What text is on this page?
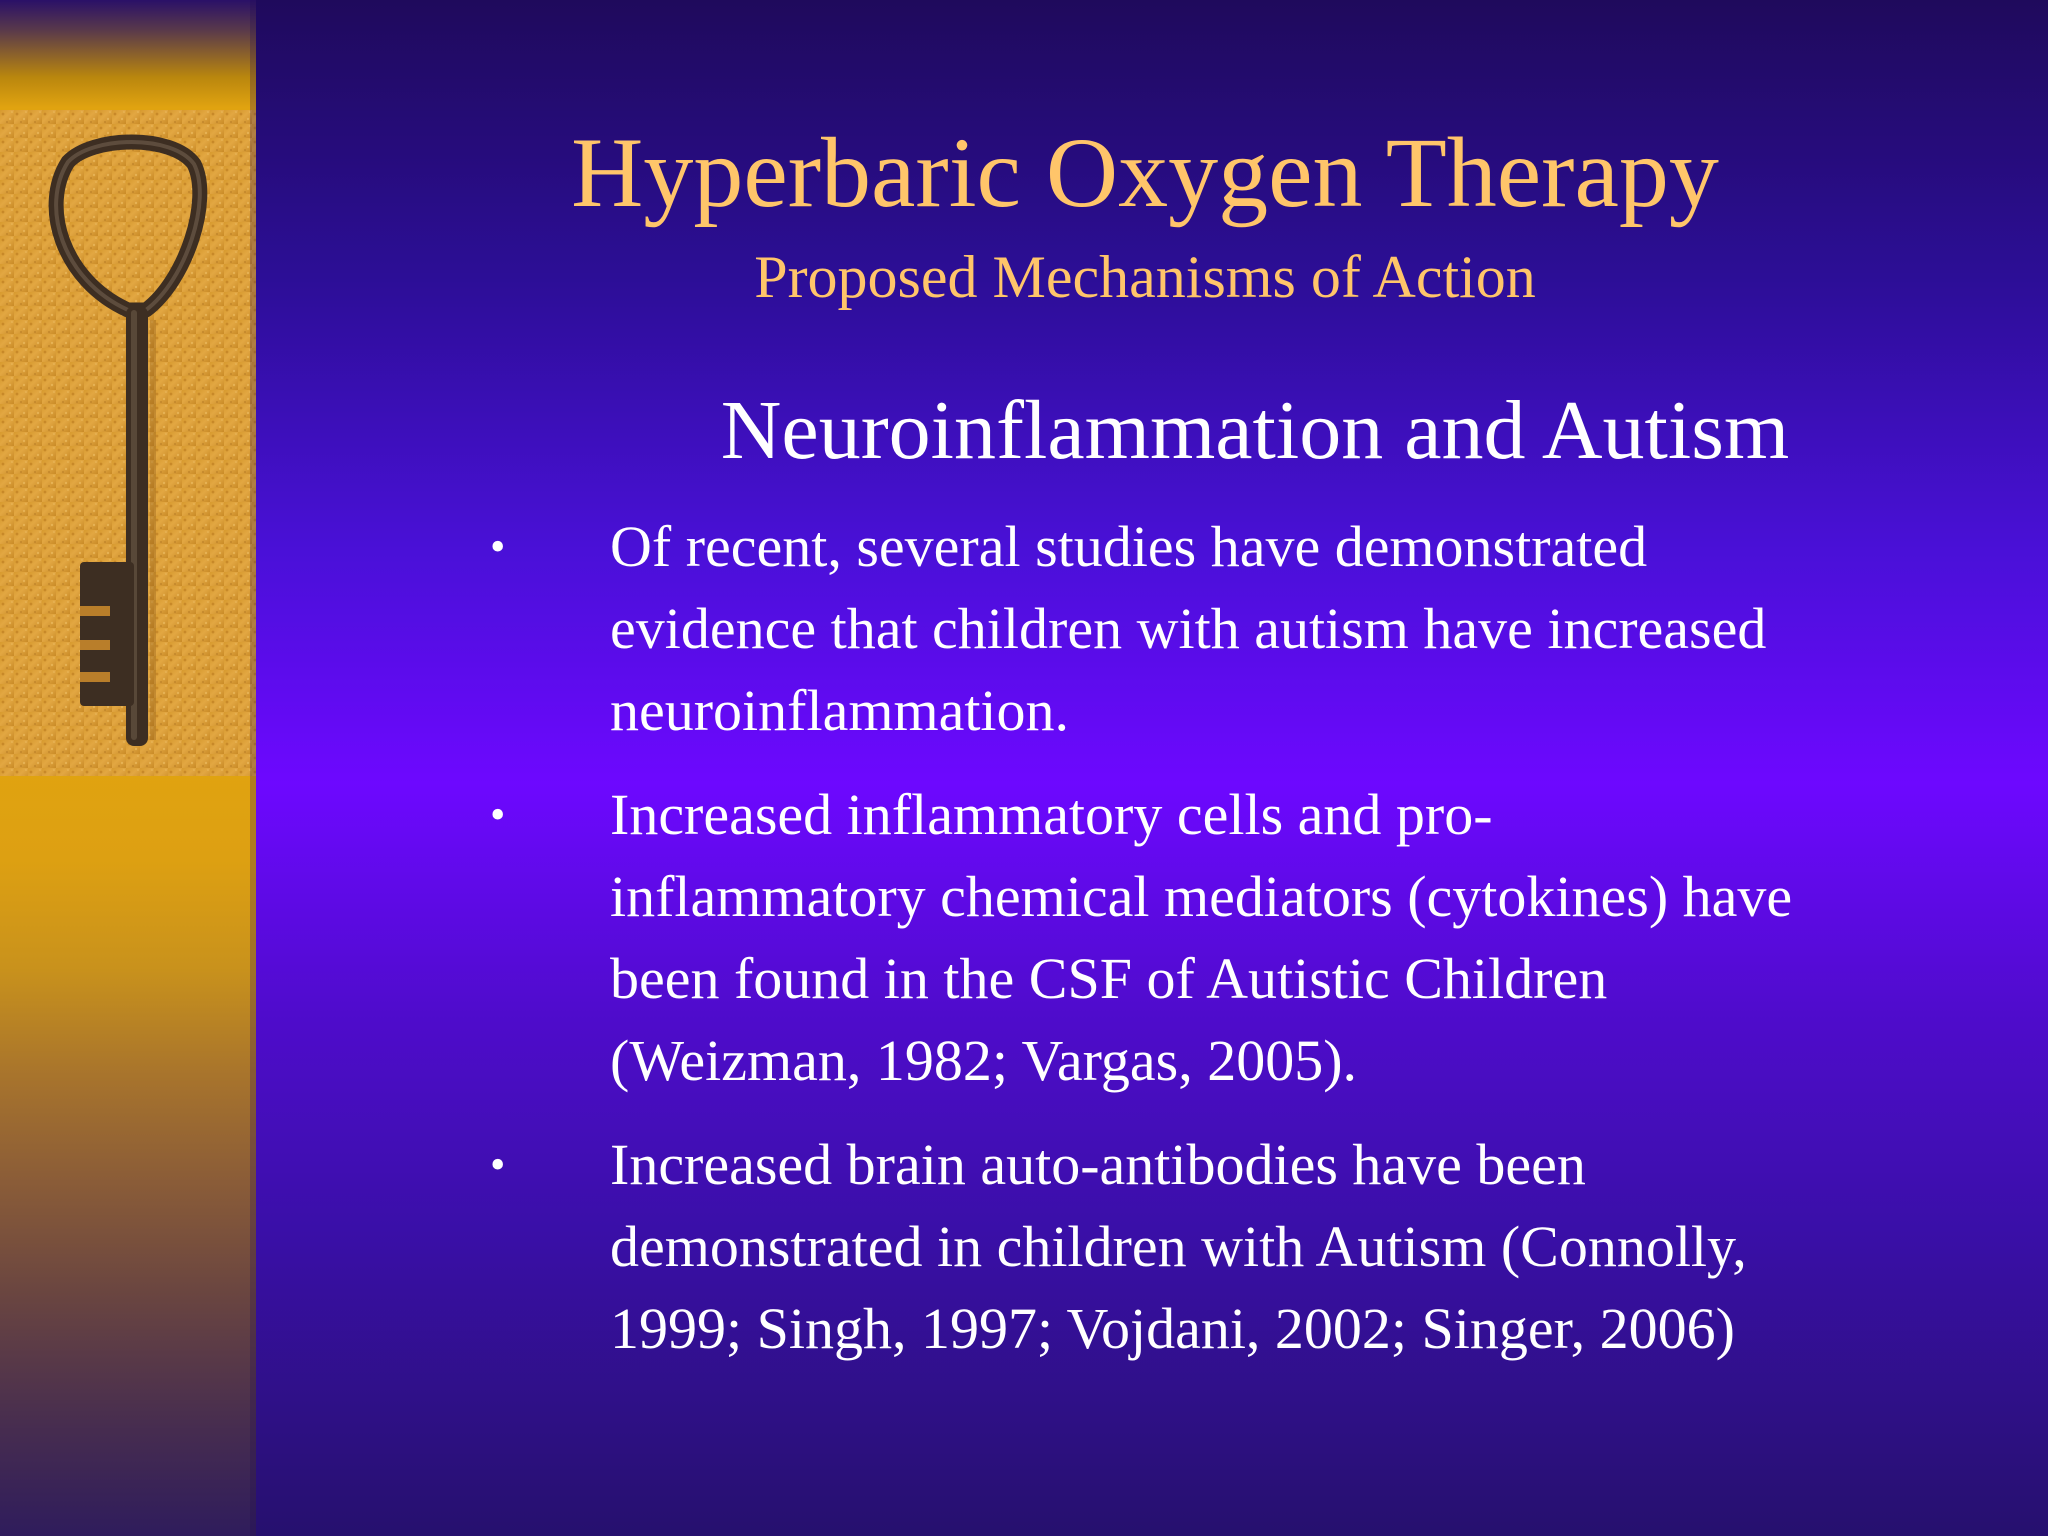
Hyperbaric Oxygen Therapy
Proposed Mechanisms of Action
Neuroinflammation and Autism
• Of recent, several studies have demonstrated
evidence that children with autism have increased
neuroinflammation.
• Increased inflammatory cells and pro-
inflammatory chemical mediators (cytokines) have
been found in the CSF of Autistic Children
(Weizman, 1982; Vargas, 2005).
• Increased brain auto-antibodies have been
demonstrated in children with Autism (Connolly,
1999; Singh, 1997; Vojdani, 2002; Singer, 2006)
